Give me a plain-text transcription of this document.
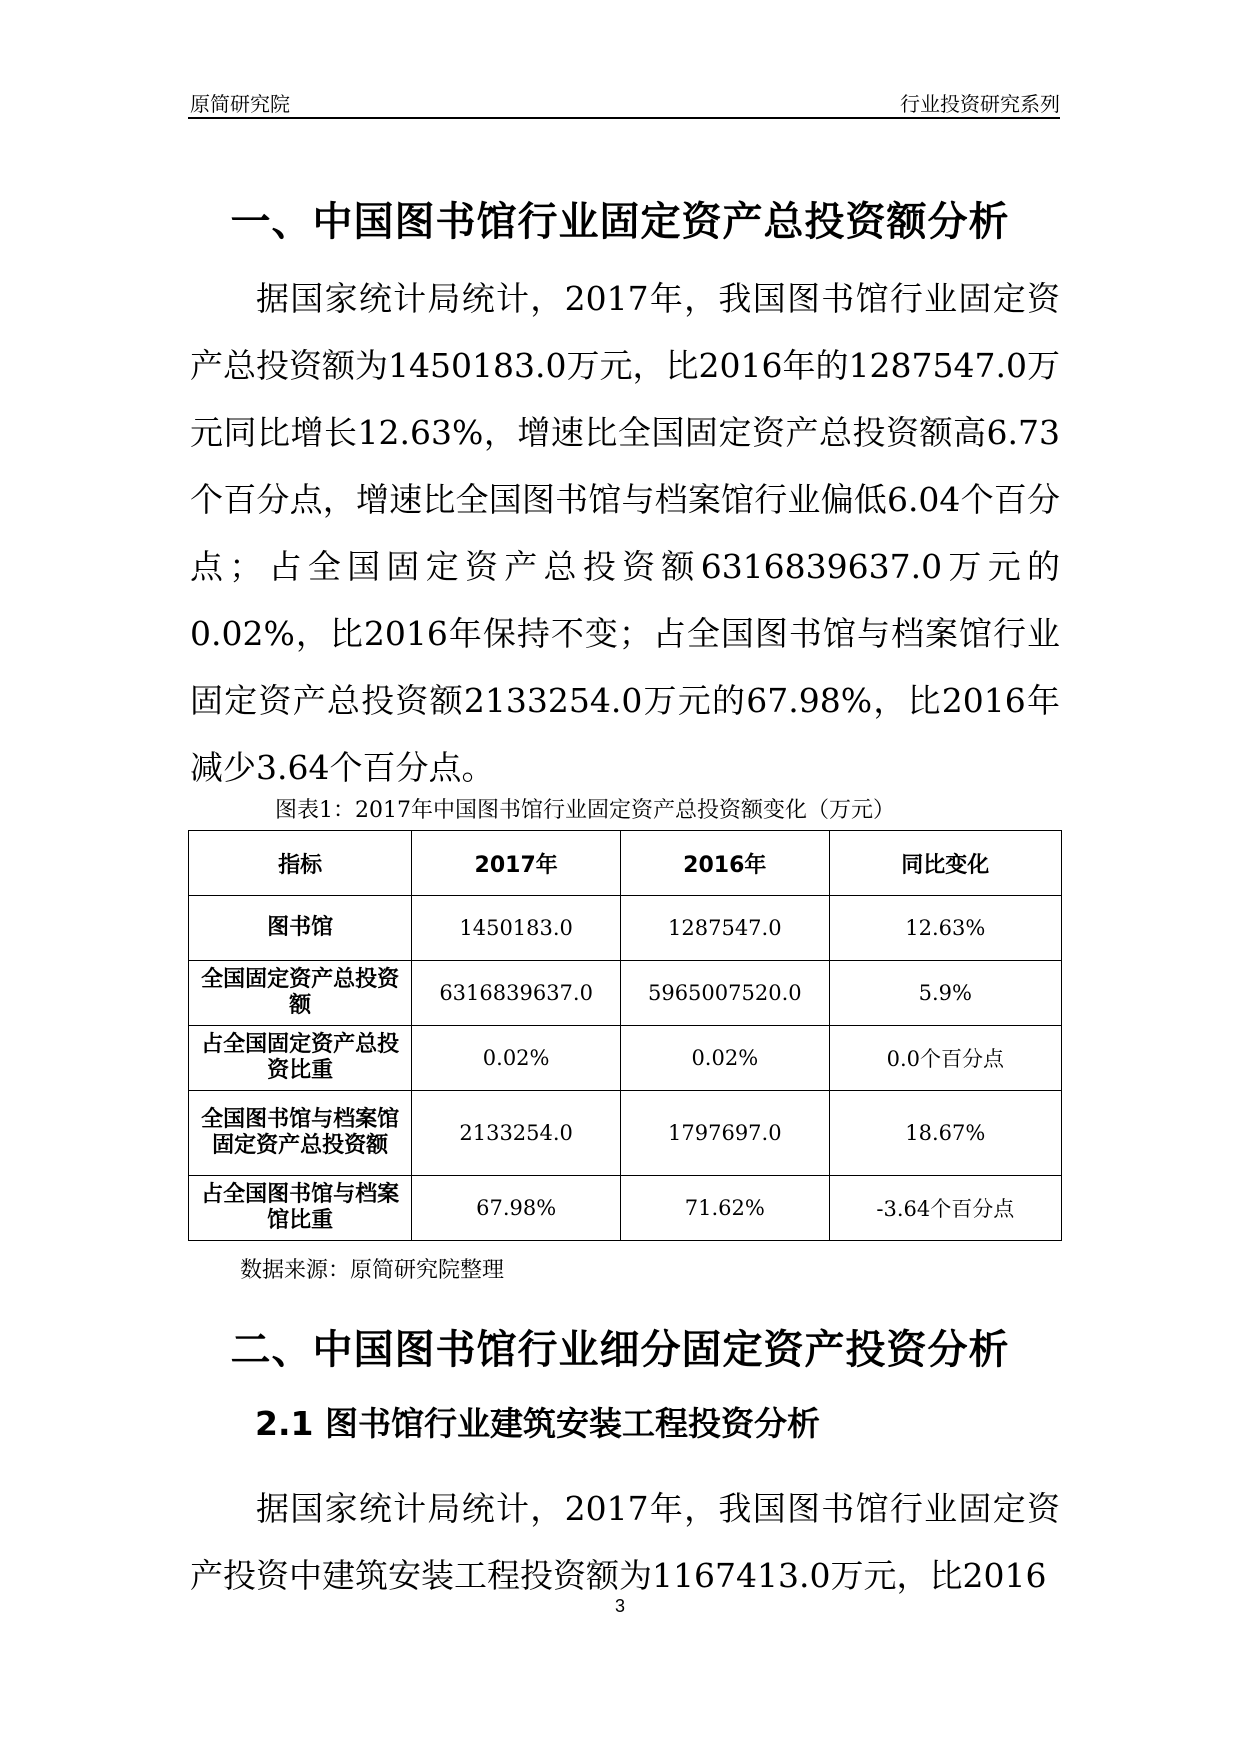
原简研究院	行业投资研究系列
一、中国图书馆行业固定资产总投资额分析
据国家统计局统计，2017年，我国图书馆行业固定资产总投资额为1450183.0万元，比2016年的1287547.0万元同比增长12.63%，增速比全国固定资产总投资额高6.73个百分点，增速比全国图书馆与档案馆行业偏低6.04个百分点；占全国固定资产总投资额6316839637.0万元的0.02%，比2016年保持不变；占全国图书馆与档案馆行业固定资产总投资额2133254.0万元的67.98%，比2016年减少3.64个百分点。
图表1：2017年中国图书馆行业固定资产总投资额变化（万元）
指标	2017年	2016年	同比变化
图书馆	1450183.0	1287547.0	12.63%
全国固定资产总投资额	6316839637.0	5965007520.0	5.9%
占全国固定资产总投资比重	0.02%	0.02%	0.0个百分点
全国图书馆与档案馆固定资产总投资额	2133254.0	1797697.0	18.67%
占全国图书馆与档案馆比重	67.98%	71.62%	-3.64个百分点
数据来源：原简研究院整理
二、中国图书馆行业细分固定资产投资分析
2.1 图书馆行业建筑安装工程投资分析
据国家统计局统计，2017年，我国图书馆行业固定资产投资中建筑安装工程投资额为1167413.0万元，比2016
3
